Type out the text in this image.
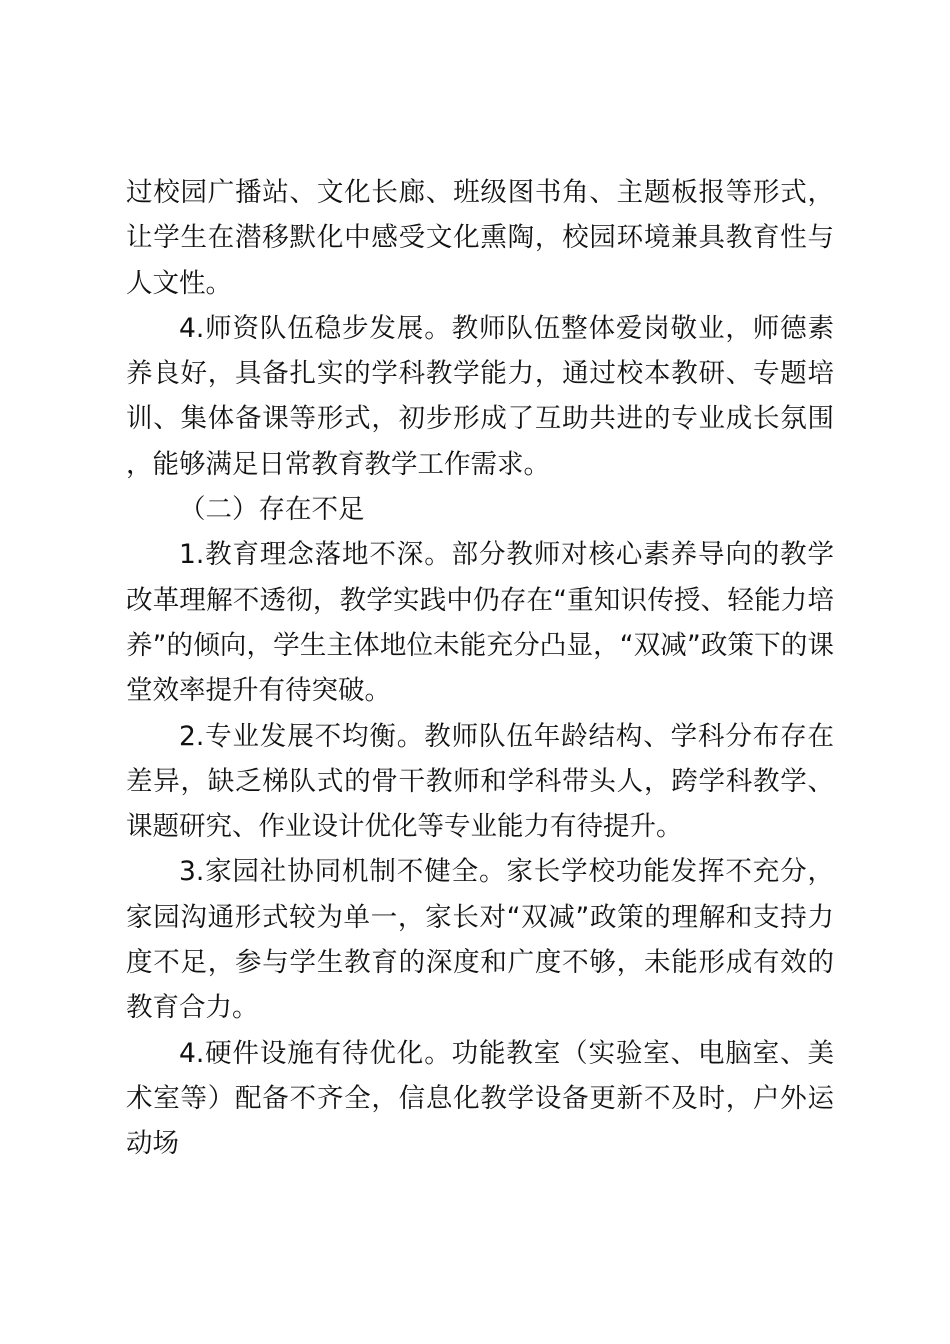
过校园广播站、文化长廊、班级图书角、主题板报等形式，让学生在潜移默化中感受文化熏陶，校园环境兼具教育性与人文性。

4.师资队伍稳步发展。教师队伍整体爱岗敬业，师德素养良好，具备扎实的学科教学能力，通过校本教研、专题培训、集体备课等形式，初步形成了互助共进的专业成长氛围，能够满足日常教育教学工作需求。

（二）存在不足

1.教育理念落地不深。部分教师对核心素养导向的教学改革理解不透彻，教学实践中仍存在“重知识传授、轻能力培养”的倾向，学生主体地位未能充分凸显，“双减”政策下的课堂效率提升有待突破。

2.专业发展不均衡。教师队伍年龄结构、学科分布存在差异，缺乏梯队式的骨干教师和学科带头人，跨学科教学、课题研究、作业设计优化等专业能力有待提升。

3.家园社协同机制不健全。家长学校功能发挥不充分，家园沟通形式较为单一，家长对“双减”政策的理解和支持力度不足，参与学生教育的深度和广度不够，未能形成有效的教育合力。

4.硬件设施有待优化。功能教室（实验室、电脑室、美术室等）配备不齐全，信息化教学设备更新不及时，户外运动场
